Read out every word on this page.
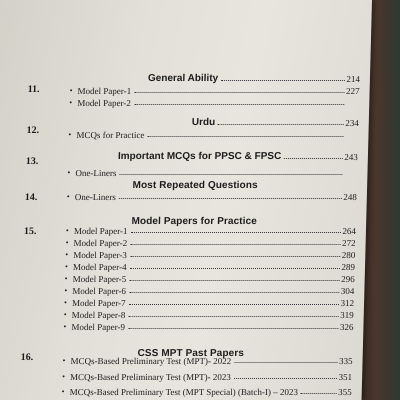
11.
General Ability	214
• Model Paper-1	227
• Model Paper-2
12.
Urdu	234
• MCQs for Practice
13.	Important MCQs for PPSC & FPSC	243
• One-Liners
14.
Most Repeated Questions
• One-Liners	248
15.
Model Papers for Practice
• Model Paper-1	264
• Model Paper-2	272
• Model Paper-3	280
• Model Paper-4	289
• Model Paper-5	296
• Model Paper-6	304
• Model Paper-7	312
• Model Paper-8	319
• Model Paper-9	326
16.	CSS MPT Past Papers
• MCQs-Based Preliminary Test (MPT)- 2022	335
• MCQs-Based Preliminary Test (MPT)- 2023	351
• MCQs-Based Preliminary Test (MPT Special) (Batch-I) – 2023	355
